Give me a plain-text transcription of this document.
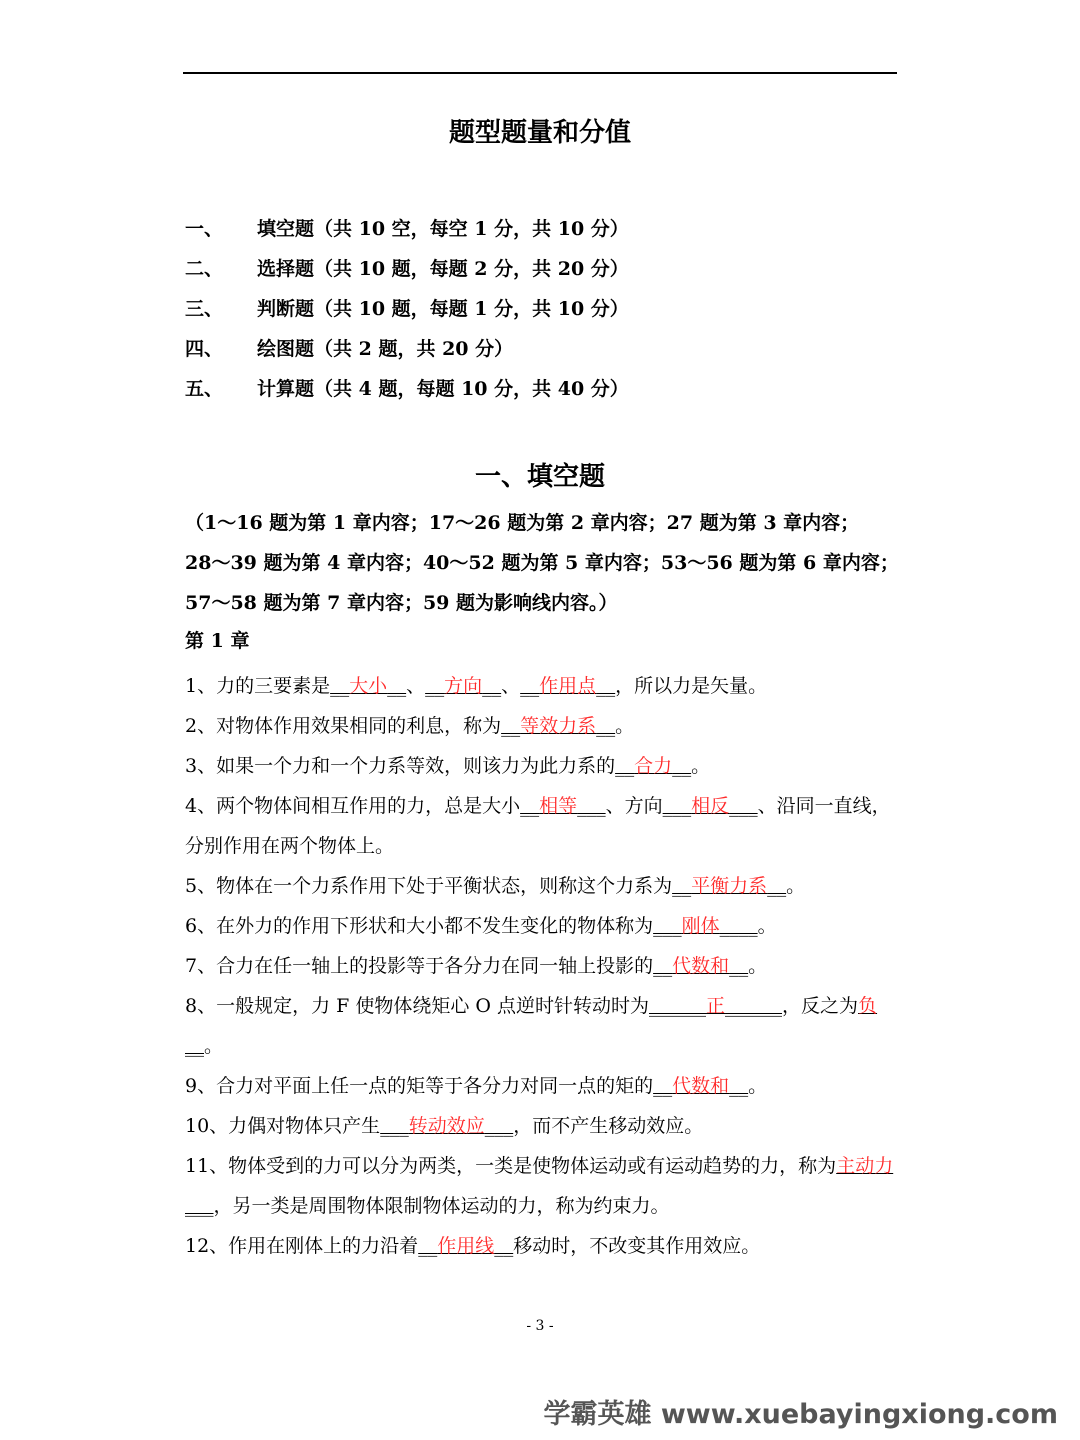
题型题量和分值
一、	填空题（共 10 空，每空 1 分，共 10 分）
二、	选择题（共 10 题，每题 2 分，共 20 分）
三、	判断题（共 10 题，每题 1 分，共 10 分）
四、	绘图题（共 2 题，共 20 分）
五、	计算题（共 4 题，每题 10 分，共 40 分）
一、填空题
（1～16 题为第 1 章内容；17～26 题为第 2 章内容；27 题为第 3 章内容；
28～39 题为第 4 章内容；40～52 题为第 5 章内容；53～56 题为第 6 章内容；
57～58 题为第 7 章内容；59 题为影响线内容。）
第 1 章
1、力的三要素是__大小__、__方向__、__作用点__，所以力是矢量。
2、对物体作用效果相同的利息，称为__等效力系__。
3、如果一个力和一个力系等效，则该力为此力系的__合力__。
4、两个物体间相互作用的力，总是大小__相等___、方向___相反___、沿同一直线，分别作用在两个物体上。
5、物体在一个力系作用下处于平衡状态，则称这个力系为__平衡力系__。
6、在外力的作用下形状和大小都不发生变化的物体称为___刚体____。
7、合力在任一轴上的投影等于各分力在同一轴上投影的__代数和__。
8、一般规定，力 F 使物体绕矩心 O 点逆时针转动时为______正______，反之为负__。
9、合力对平面上任一点的矩等于各分力对同一点的矩的__代数和__。
10、力偶对物体只产生___转动效应___，而不产生移动效应。
11、物体受到的力可以分为两类，一类是使物体运动或有运动趋势的力，称为主动力___，另一类是周围物体限制物体运动的力，称为约束力。
12、作用在刚体上的力沿着__作用线__移动时，不改变其作用效应。
- 3 -
学霸英雄 www.xuebayingxiong.com
